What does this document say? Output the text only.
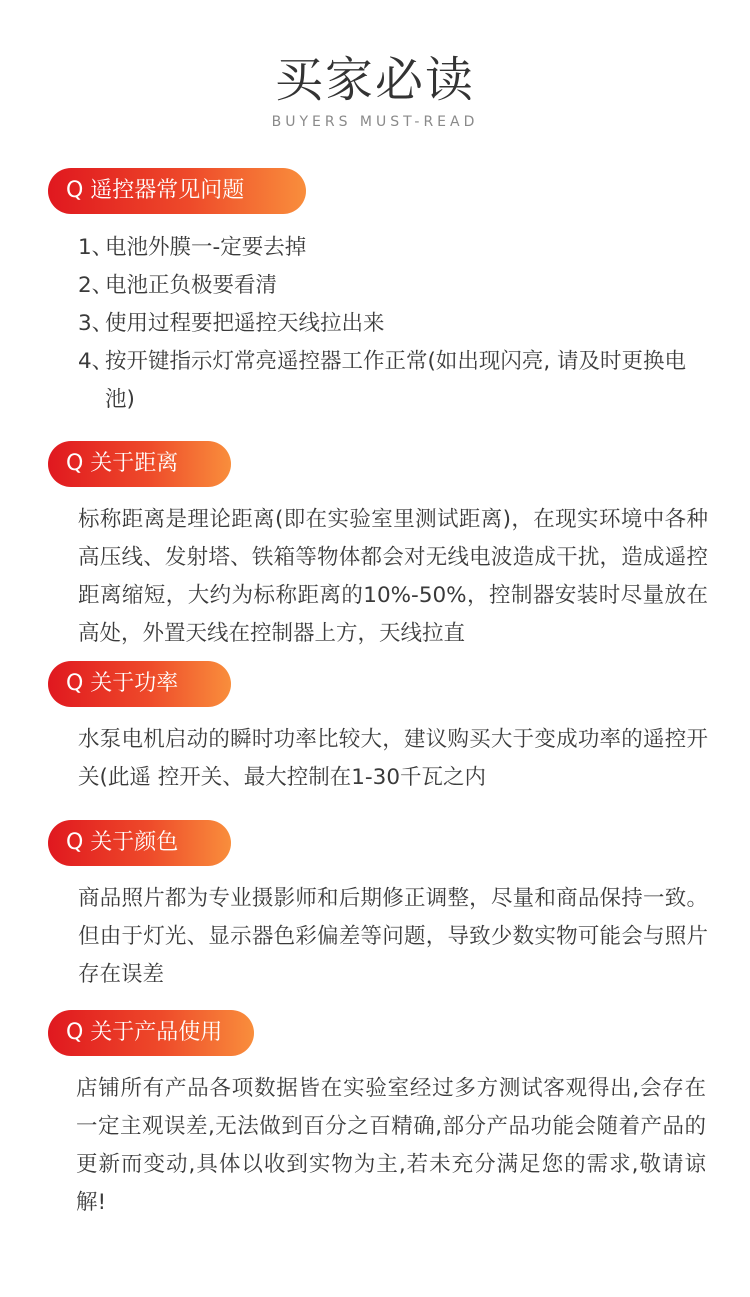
买家必读
BUYERS MUST-READ
Q 遥控器常见问题
1、
电池外膜一-定要去掉
2、
电池正负极要看清
3、
使用过程要把遥控天线拉出来
4、
按开键指示灯常亮遥控器工作正常(如出现闪亮, 请及时更换电池)
Q 关于距离
标称距离是理论距离(即在实验室里测试距离)，在现实环境中各种高压线、发射塔、铁箱等物体都会对无线电波造成干扰，造成遥控距离缩短，大约为标称距离的10%-50%，控制器安装时尽量放在高处，外置天线在控制器上方，天线拉直
Q 关于功率
水泵电机启动的瞬时功率比较大，建议购买大于变成功率的遥控开关(此遥 控开关、最大控制在1-30千瓦之内
Q 关于颜色
商品照片都为专业摄影师和后期修正调整，尽量和商品保持一致。但由于灯光、显示器色彩偏差等问题，导致少数实物可能会与照片存在误差
Q 关于产品使用
店铺所有产品各项数据皆在实验室经过多方测试客观得出,会存在一定主观误差,无法做到百分之百精确,部分产品功能会随着产品的更新而变动,具体以收到实物为主,若未充分满足您的需求,敬请谅解!
